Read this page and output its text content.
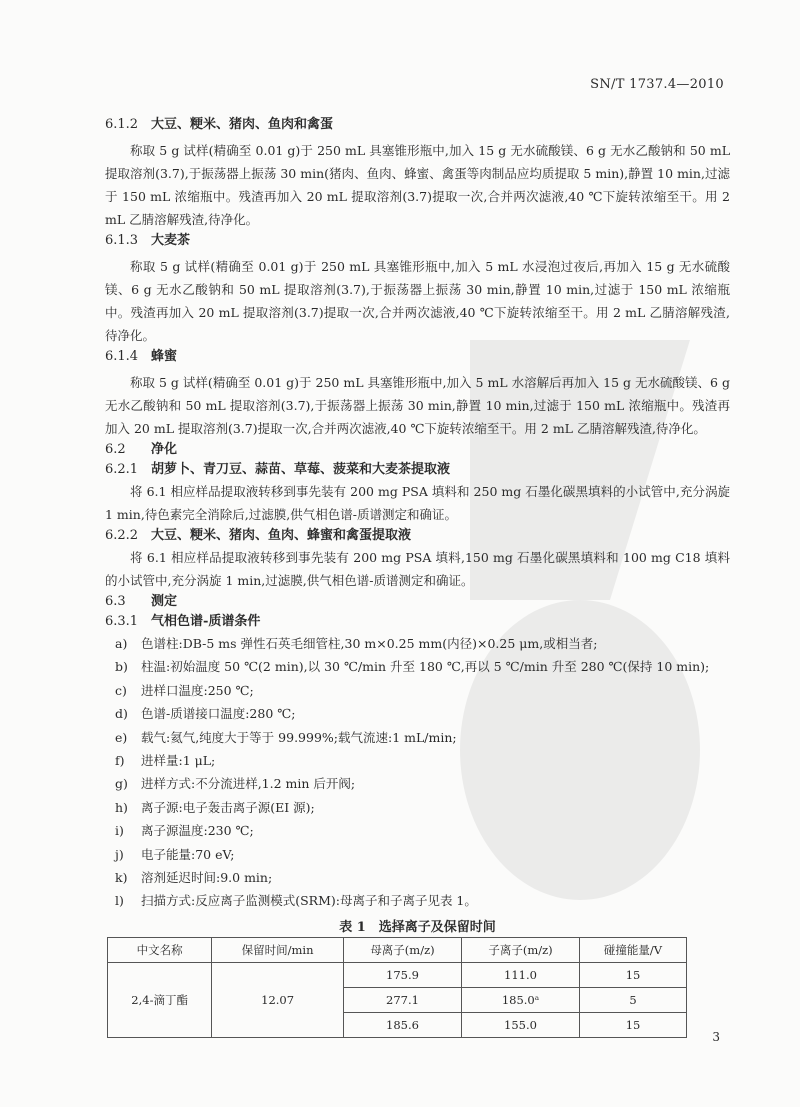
SN/T 1737.4—2010
6.1.2 大豆、粳米、猪肉、鱼肉和禽蛋

称取 5 g 试样(精确至 0.01 g)于 250 mL 具塞锥形瓶中,加入 15 g 无水硫酸镁、6 g 无水乙酸钠和 50 mL 提取溶剂(3.7),于振荡器上振荡 30 min(猪肉、鱼肉、蜂蜜、禽蛋等肉制品应均质提取 5 min),静置 10 min,过滤于 150 mL 浓缩瓶中。残渣再加入 20 mL 提取溶剂(3.7)提取一次,合并两次滤液,40 ℃下旋转浓缩至干。用 2 mL 乙腈溶解残渣,待净化。

6.1.3 大麦茶

称取 5 g 试样(精确至 0.01 g)于 250 mL 具塞锥形瓶中,加入 5 mL 水浸泡过夜后,再加入 15 g 无水硫酸镁、6 g 无水乙酸钠和 50 mL 提取溶剂(3.7),于振荡器上振荡 30 min,静置 10 min,过滤于 150 mL 浓缩瓶中。残渣再加入 20 mL 提取溶剂(3.7)提取一次,合并两次滤液,40 ℃下旋转浓缩至干。用 2 mL 乙腈溶解残渣,待净化。

6.1.4 蜂蜜

称取 5 g 试样(精确至 0.01 g)于 250 mL 具塞锥形瓶中,加入 5 mL 水溶解后再加入 15 g 无水硫酸镁、6 g 无水乙酸钠和 50 mL 提取溶剂(3.7),于振荡器上振荡 30 min,静置 10 min,过滤于 150 mL 浓缩瓶中。残渣再加入 20 mL 提取溶剂(3.7)提取一次,合并两次滤液,40 ℃下旋转浓缩至干。用 2 mL 乙腈溶解残渣,待净化。

6.2 净化
6.2.1 胡萝卜、青刀豆、蒜苗、草莓、菠菜和大麦茶提取液

将 6.1 相应样品提取液转移到事先装有 200 mg PSA 填料和 250 mg 石墨化碳黑填料的小试管中,充分涡旋 1 min,待色素完全消除后,过滤膜,供气相色谱-质谱测定和确证。

6.2.2 大豆、粳米、猪肉、鱼肉、蜂蜜和禽蛋提取液

将 6.1 相应样品提取液转移到事先装有 200 mg PSA 填料,150 mg 石墨化碳黑填料和 100 mg C18 填料的小试管中,充分涡旋 1 min,过滤膜,供气相色谱-质谱测定和确证。

6.3 测定
6.3.1 气相色谱-质谱条件
a) 色谱柱:DB-5 ms 弹性石英毛细管柱,30 m×0.25 mm(内径)×0.25 μm,或相当者;
b) 柱温:初始温度 50 ℃(2 min),以 30 ℃/min 升至 180 ℃,再以 5 ℃/min 升至 280 ℃(保持 10 min);
c) 进样口温度:250 ℃;
d) 色谱-质谱接口温度:280 ℃;
e) 载气:氦气,纯度大于等于 99.999%;载气流速:1 mL/min;
f) 进样量:1 μL;
g) 进样方式:不分流进样,1.2 min 后开阀;
h) 离子源:电子轰击离子源(EI 源);
i) 离子源温度:230 ℃;
j) 电子能量:70 eV;
k) 溶剂延迟时间:9.0 min;
l) 扫描方式:反应离子监测模式(SRM):母离子和子离子见表 1。
表 1　选择离子及保留时间
中文名称	保留时间/min	母离子(m/z)	子离子(m/z)	碰撞能量/V
2,4-滴丁酯	12.07	175.9	111.0	15
		277.1	185.0ᵃ	5
		185.6	155.0	15
3
